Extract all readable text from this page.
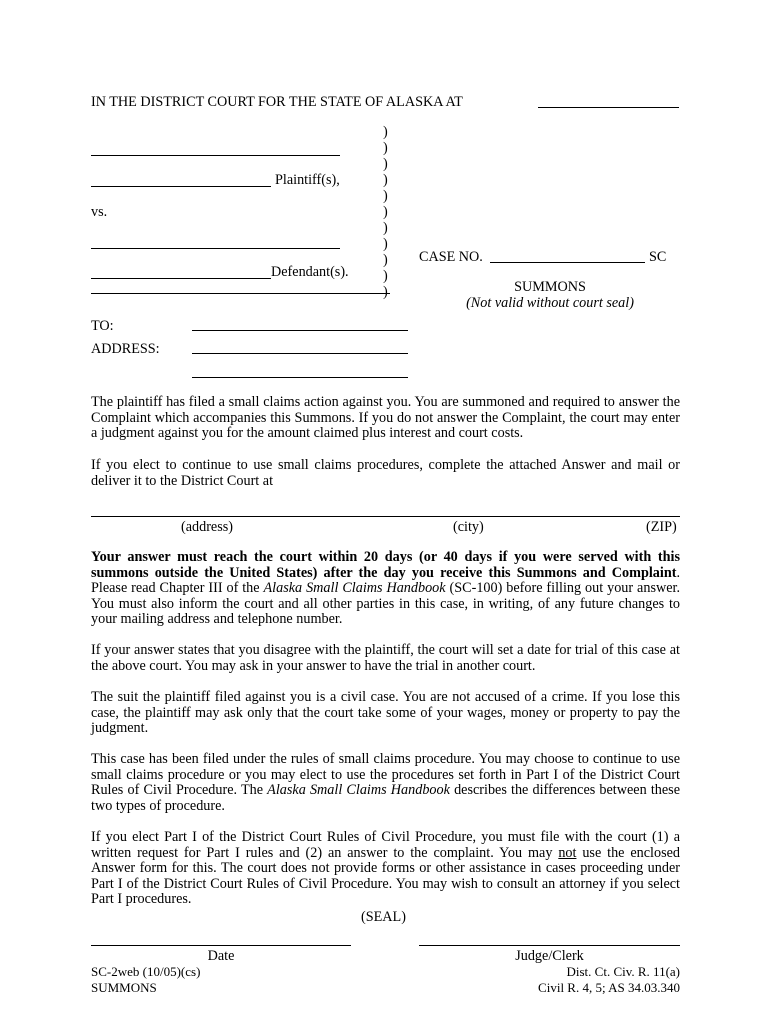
IN THE DISTRICT COURT FOR THE STATE OF ALASKA AT
)
)
)
)
)
)
)
)
)
)
)
Plaintiff(s),
vs.
Defendant(s).
CASE NO.	SC
SUMMONS
(Not valid without court seal)
TO:
ADDRESS:
The plaintiff has filed a small claims action against you. You are summoned and required to answer the Complaint which accompanies this Summons. If you do not answer the Complaint, the court may enter a judgment against you for the amount claimed plus interest and court costs.
If you elect to continue to use small claims procedures, complete the attached Answer and mail or deliver it to the District Court at
(address)	(city)	(ZIP)
Your answer must reach the court within 20 days (or 40 days if you were served with this summons outside the United States) after the day you receive this Summons and Complaint. Please read Chapter III of the Alaska Small Claims Handbook (SC-100) before filling out your answer. You must also inform the court and all other parties in this case, in writing, of any future changes to your mailing address and telephone number.
If your answer states that you disagree with the plaintiff, the court will set a date for trial of this case at the above court. You may ask in your answer to have the trial in another court.
The suit the plaintiff filed against you is a civil case. You are not accused of a crime. If you lose this case, the plaintiff may ask only that the court take some of your wages, money or property to pay the judgment.
This case has been filed under the rules of small claims procedure. You may choose to continue to use small claims procedure or you may elect to use the procedures set forth in Part I of the District Court Rules of Civil Procedure. The Alaska Small Claims Handbook describes the differences between these two types of procedure.
If you elect Part I of the District Court Rules of Civil Procedure, you must file with the court (1) a written request for Part I rules and (2) an answer to the complaint. You may not use the enclosed Answer form for this. The court does not provide forms or other assistance in cases proceeding under Part I of the District Court Rules of Civil Procedure. You may wish to consult an attorney if you select Part I procedures.
(SEAL)
Date	Judge/Clerk
SC-2web (10/05)(cs)
SUMMONS
Dist. Ct. Civ. R. 11(a)
Civil R. 4, 5; AS 34.03.340
